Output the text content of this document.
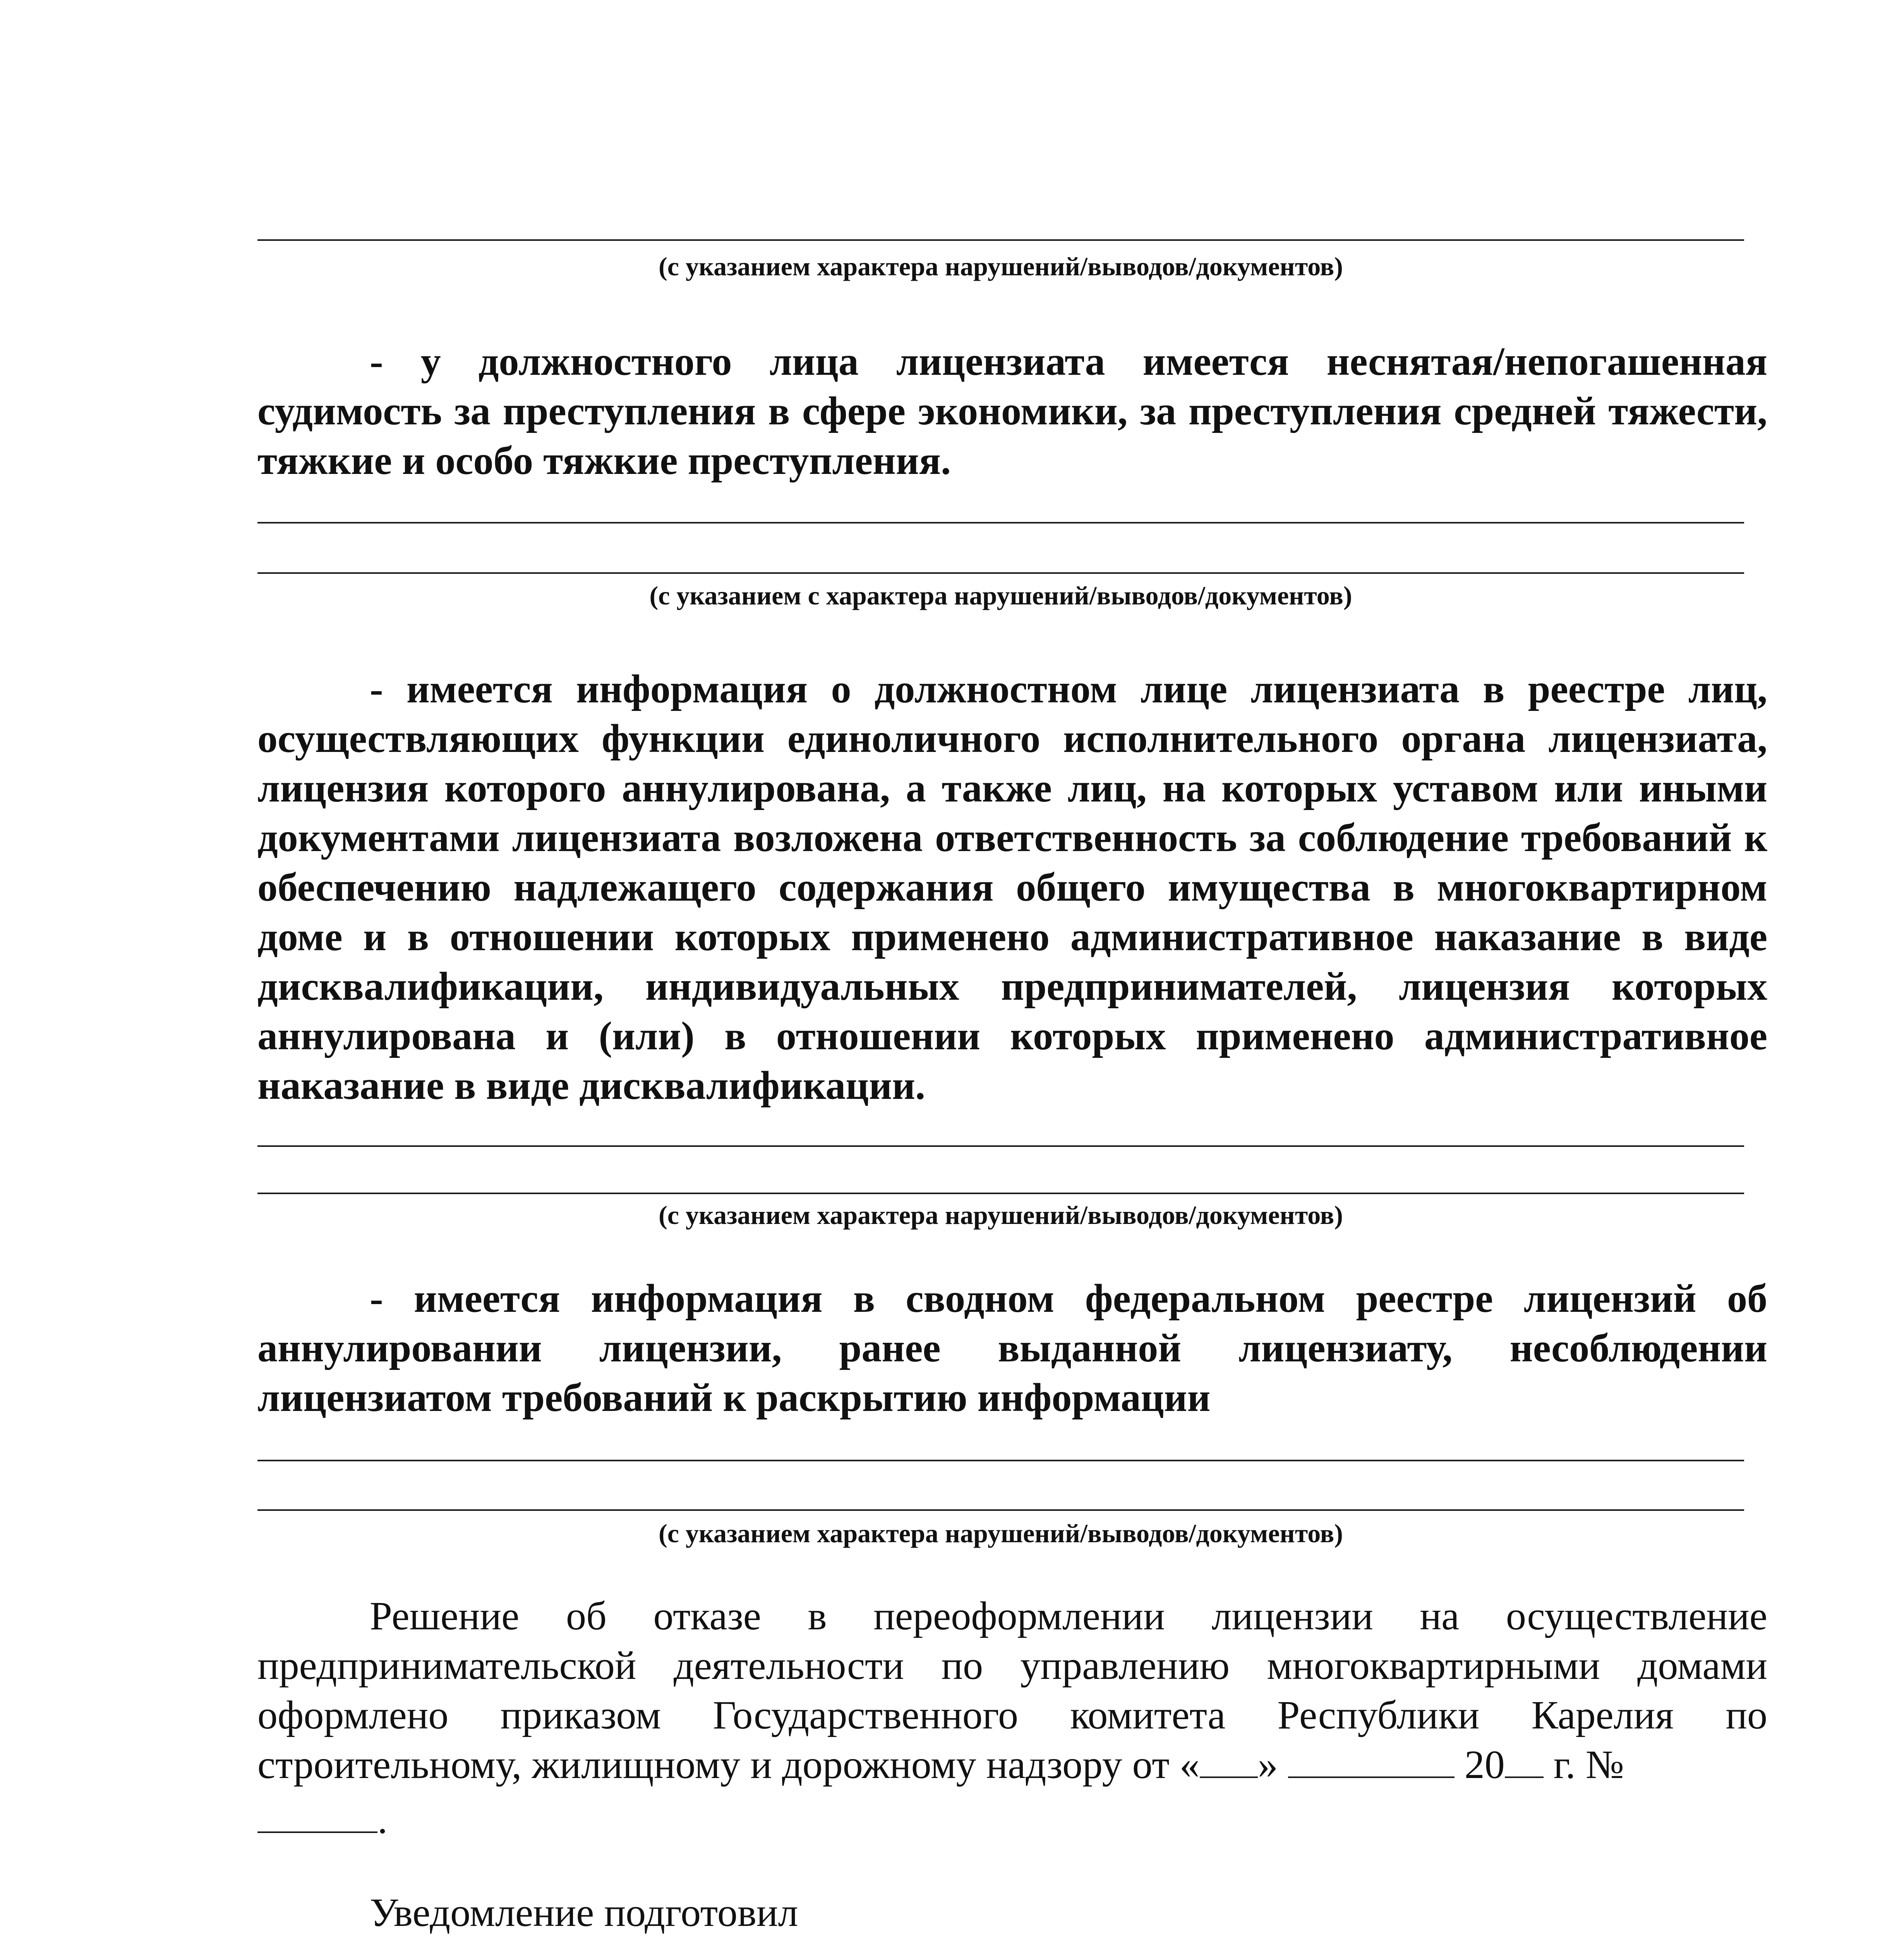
(с указанием характера нарушений/выводов/документов)
- у должностного лица лицензиата имеется неснятая/непогашенная судимость за преступления в сфере экономики, за преступления средней тяжести, тяжкие и особо тяжкие преступления.
(с указанием с характера нарушений/выводов/документов)
- имеется информация о должностном лице лицензиата в реестре лиц, осуществляющих функции единоличного исполнительного органа лицензиата, лицензия которого аннулирована, а также лиц, на которых уставом или иными документами лицензиата возложена ответственность за соблюдение требований к обеспечению надлежащего содержания общего имущества в многоквартирном доме и в отношении которых применено административное наказание в виде дисквалификации, индивидуальных предпринимателей, лицензия которых аннулирована и (или) в отношении которых применено административное наказание в виде дисквалификации.
(с указанием характера нарушений/выводов/документов)
- имеется информация в сводном федеральном реестре лицензий об аннулировании лицензии, ранее выданной лицензиату, несоблюдении лицензиатом требований к раскрытию информации
(с указанием характера нарушений/выводов/документов)
Решение об отказе в переоформлении лицензии на осуществление предпринимательской деятельности по управлению многоквартирными домами оформлено приказом Государственного комитета Республики Карелия по строительному, жилищному и дорожному надзору от « »	20 г. №
.
Уведомление подготовил
